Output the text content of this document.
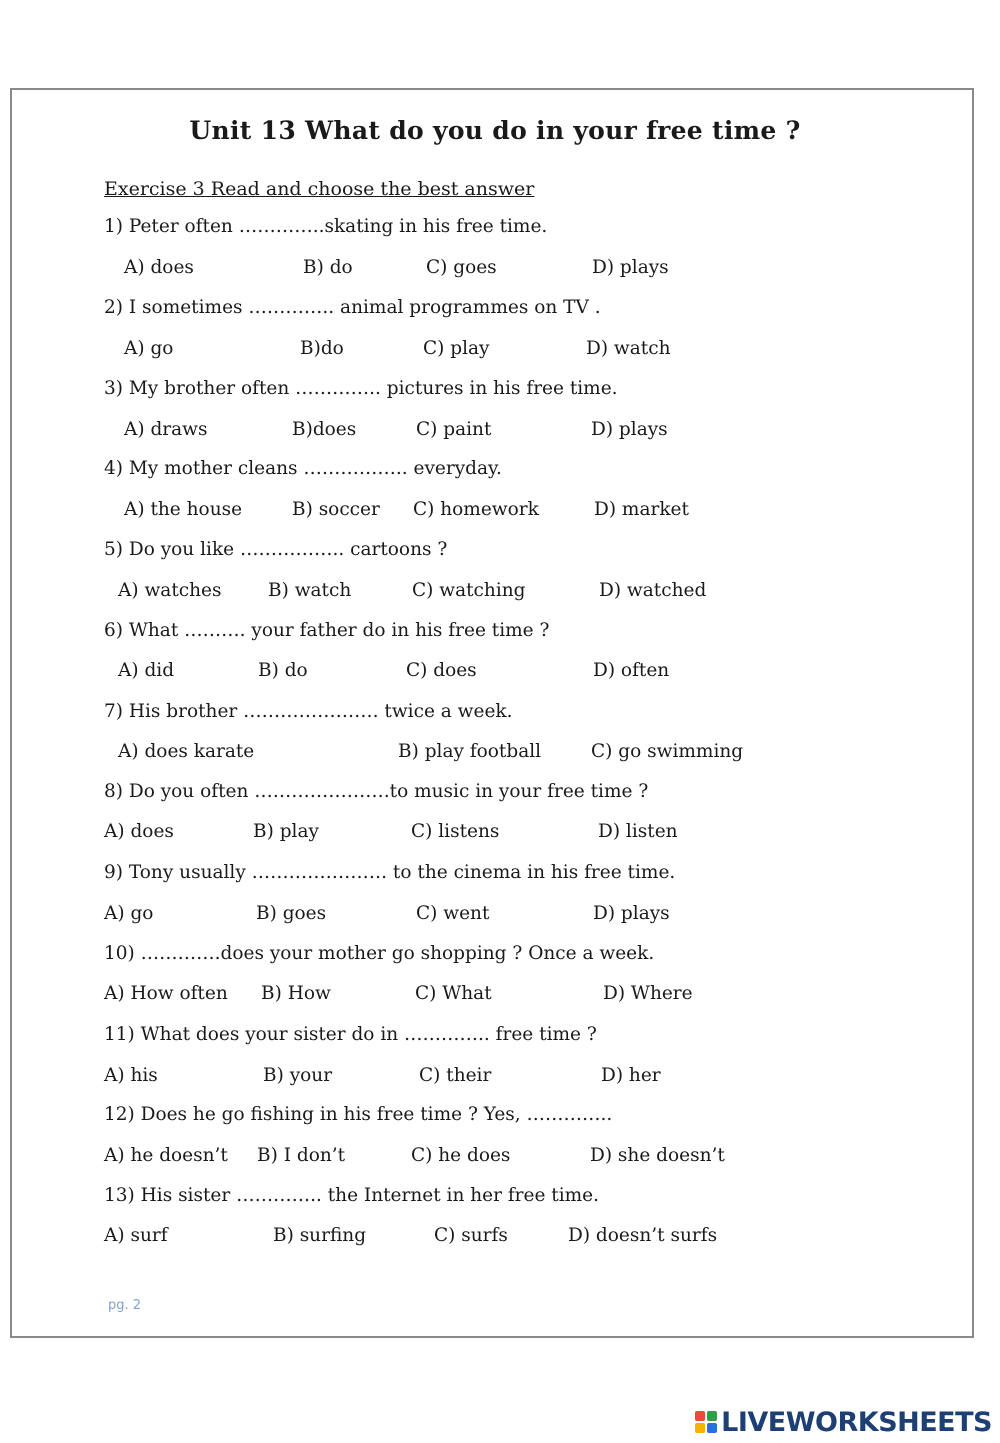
Unit 13 What do you do in your free time ?
Exercise 3 Read and choose the best answer
1) Peter often …………..skating in his free time.
A) does	B) do	C) goes	D) plays
2) I sometimes ………….. animal programmes on TV .
A) go	B)do	C) play	D) watch
3) My brother often ………….. pictures in his free time.
A) draws	B)does	C) paint	D) plays
4) My mother cleans …………….. everyday.
A) the house	B) soccer C) homework	D) market
5) Do you like …………….. cartoons ?
A) watches	B) watch	C) watching	D) watched
6) What ………. your father do in his free time ?
A) did	B) do	C) does	D) often
7) His brother …………………. twice a week.
A) does karate	B) play football	C) go swimming
8) Do you often ………………….to music in your free time ?
A) does	B) play	C) listens	D) listen
9) Tony usually …………………. to the cinema in his free time.
A) go	B) goes	C) went	D) plays
10) ………….does your mother go shopping ? Once a week.
A) How often B) How	C) What	D) Where
11) What does your sister do in ………….. free time ?
A) his	B) your	C) their	D) her
12) Does he go fishing in his free time ? Yes, …………..
A) he doesn’t B) I don’t	C) he does	D) she doesn’t
13) His sister ………….. the Internet in her free time.
A) surf	B) surfing	C) surfs	D) doesn’t surfs
pg. 2
LIVEWORKSHEETS
